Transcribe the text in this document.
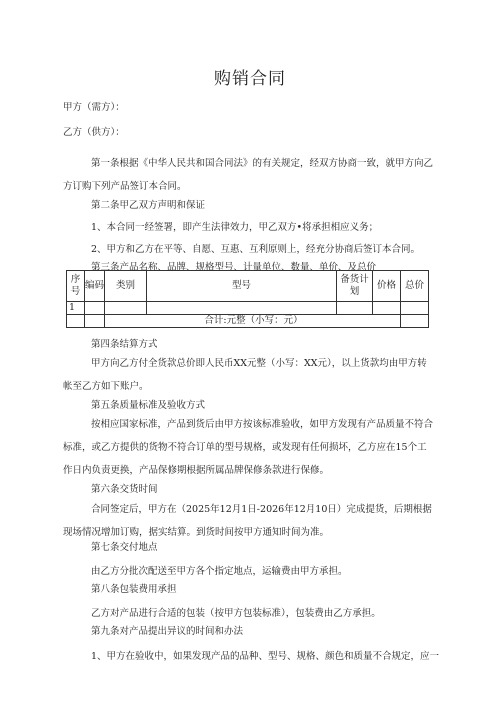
购销合同
甲方（需方）：
乙方（供方）：
第一条根据《中华人民共和国合同法》的有关规定，经双方协商一致，就甲方向乙方订购下列产品签订本合同。
第二条甲乙双方声明和保证
1、本合同一经签署，即产生法律效力，甲乙双方•将承担相应义务；
2、甲方和乙方在平等、自愿、互惠、互利原则上，经充分协商后签订本合同。
第三条产品名称、品牌、规格型号、计量单位、数量、单价、及总价
序号	编码	类别	型号	备货计划	价格	总价
1						
		合计:元整（小写：元）				
第四条结算方式
甲方向乙方付全货款总价即人民币XX元整（小写：XX元），以上货款均由甲方转帐至乙方如下账户。
第五条质量标准及验收方式
按相应国家标准，产品到货后由甲方按该标准验收，如甲方发现有产品质量不符合标准，或乙方提供的货物不符合订单的型号规格，或发现有任何损坏，乙方应在15个工作日内负责更换，产品保修期根据所属品牌保修条款进行保修。
第六条交货时间
合同签定后，甲方在（2025年12月1日-2026年12月10日）完成提货，后期根据现场情况增加订购，据实结算。到货时间按甲方通知时间为准。
第七条交付地点
由乙方分批次配送至甲方各个指定地点，运输费由甲方承担。
第八条包装费用承担
乙方对产品进行合适的包装（按甲方包装标准），包装费由乙方承担。
第九条对产品提出异议的时间和办法
1、甲方在验收中，如果发现产品的品种、型号、规格、颜色和质量不合规定，应一
